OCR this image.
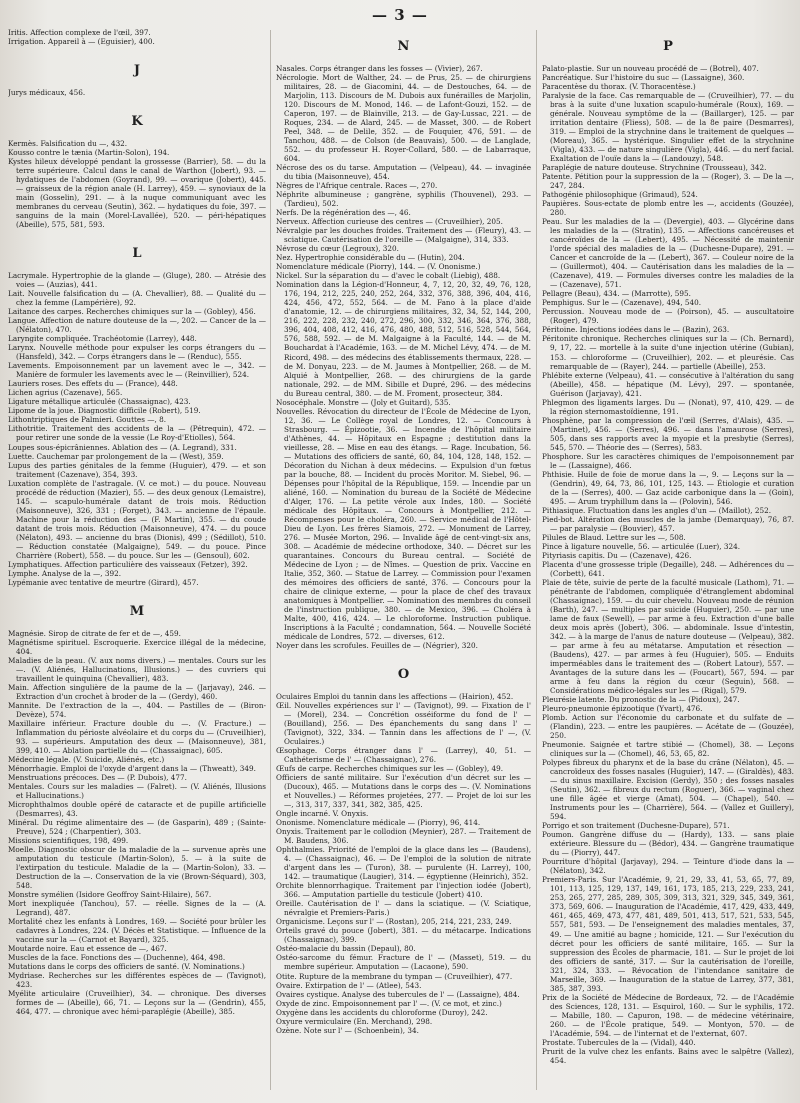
— 3 —

Iritis. Affection complexe de l'œil, 397.

Irrigation. Appareil à — (Eguisier), 400.

J

Jurys médicaux, 456.

K

Kermès. Falsification du —, 432.

Kousso contre le tænia (Martin-Solon), 194.

Kystes hileux développé pendant la grossesse (Barrier), 58. — du la terre supérieure. Calcul dans le canal de Warthon (Jobert), 93. — hydatiques de l'abdomen (Goyrand), 99. — ovarique (Jobert), 445. — graisseux de la région anale (H. Larrey), 459. — synoviaux de la main (Gosselin), 291. — à la nuque communiquant avec les membranes du cerveau (Seutin), 362. — hydatiques du foie, 397. — sanguins de la main (Morel-Lavallée), 520. — péri-hépatiques (Abeille), 575, 581, 593.

L

Lacrymale. Hypertrophie de la glande — (Gluge), 280. — Atrésie des voies — (Auzias), 441.

Lait. Nouvelle falsification du — (A. Chevallier), 88. — Qualité du — chez la femme (Lampérière), 92.

Laitance des carpes. Recherches chimiques sur la — (Gobley), 456.

Langue. Affection de nature douteuse de la —, 202. — Cancer de la — (Nélaton), 470.

Laryngite compliquée. Trachéotomie (Larrey), 448.

Larynx. Nouvelle méthode pour expulser les corps étrangers du — (Hansfeld), 342. — Corps étrangers dans le — (Renduc), 555.

Lavements. Empoisonnement par un lavement avec le —, 342. — Manière de formuler les lavements avec le — (Reinvillier), 524.

Lauriers roses. Des effets du — (France), 448.

Lichen agrius (Cazenave), 565.

Ligature métallique articulée (Chassaignac), 423.

Lipome de la joue. Diagnostic difficile (Robert), 519.

Lithontriptiques de Palmieri. Gouttes —, 8.

Lithotritie. Traitement des accidents de la — (Pétrequin), 472. — pour retirer une sonde de la vessie (Le Roy-d'Etiolles), 564.

Loupes sous-épicrâniennes. Ablation des — (A. Legrand), 331.

Luette. Cauchemar par prolongement de la — (West), 359.

Lupus des parties génitales de la femme (Huguier), 479. — et son traitement (Cazenave), 354, 393.

Luxation complète de l'astragale. (V. ce mot.) — du pouce. Nouveau procédé de réduction (Mazier), 55. — des deux genoux (Lemaistre), 145. — scapulo-humérale datant de trois mois. Réduction (Maisonneuve), 326, 331 ; (Forget), 343. — ancienne de l'épaule. Machine pour la réduction des — (F. Martin), 355. — du coude datant de trois mois. Réduction (Maisonneuve), 474. — du pouce (Nélaton), 493. — ancienne du bras (Dionis), 499 ; (Sédillot), 510. — Réduction constatée (Malgaigne), 549. — du pouce. Pince Charrière (Robert), 558. — du pouce. Sur les — (Gensoul), 602.

Lymphatiques. Affection particulière des vaisseaux (Fetzer), 392.

Lymphe. Analyse de la —, 392.

Lypémanie avec tentative de meurtre (Girard), 457.

M

Magnésie. Sirop de citrate de fer et de —, 459.

Magnétisme spirituel. Escroquerie. Exercice illégal de la médecine, 404.

Maladies de la peau. (V. aux noms divers.) — mentales. Cours sur les —. (V. Aliénés, Hallucinations, Illusions.) — des cuvriers qui travaillent le quinquina (Chevallier), 483.

Main. Affection singulière de la paume de la — (Jarjavay), 246. — Extraction d'un crochet à broder de la — (Gerdy), 460.

Mannite. De l'extraction de la —, 404. — Pastilles de — (Biron-Devèze), 574.

Maxillaire inférieur. Fracture double du —. (V. Fracture.) — Inflammation du périoste alvéolaire et du corps du — (Cruveilhier), 93. — supérieurs. Amputation des deux — (Maisonneuve), 381, 399, 410. — Ablation partielle du — (Chassaignac), 605.

Médecine légale. (V. Suicide, Aliénés, etc.)

Ménorrhagie. Emploi de l'oxyde d'argent dans la — (Thweatt), 349.

Menstruations précoces. Des — (P. Dubois), 477.

Mentales. Cours sur les maladies — (Falret). — (V. Aliénés, Illusions et Hallucinations.)

Microphthalmos double opéré de cataracte et de pupille artificielle (Desmarres), 43.

Minéral. Du régime alimentaire des — (de Gasparin), 489 ; (Sainte-Preuve), 524 ; (Charpentier), 303.

Missions scientifiques, 198, 499.

Moelle. Diagnostic obscur de la maladie de la — survenue après une amputation du testicule (Martin-Solon), 5. — à la suite de l'extirpation du testicule. Maladie de la — (Martin-Solon), 33. — Destruction de la —. Conservation de la vie (Brown-Séquard), 303, 548.

Monstre symélien (Isidore Geoffroy Saint-Hilaire), 567.

Mort inexpliquée (Tanchou), 57. — réelle. Signes de la — (A. Legrand), 487.

Mortalité chez les enfants à Londres, 169. — Société pour brûler les cadavres à Londres, 224. (V. Décès et Statistique. — Influence de la vaccine sur la — (Carnot et Bayard), 325.

Moutarde noire. Eau et essence de —, 467.

Muscles de la face. Fonctions des — (Duchenne), 464, 498.

Mutations dans le corps des officiers de santé. (V. Nominations.)

Mydriase. Recherches sur les différentes espèces de — (Tavignot), 423.

Myélite articulaire (Cruveilhier), 34. — chronique. Des diverses formes de — (Abeille), 66, 71. — Leçons sur la — (Gendrin), 455, 464, 477. — chronique avec hémi-paraplégie (Abeille), 385.

N

Nasales. Corps étranger dans les fosses — (Vivier), 267.

Nécrologie. Mort de Walther, 24. — de Prus, 25. — de chirurgiens militaires, 28. — de Giacomini, 44. — de Destouches, 64. — de Marjolin, 113. Discours de M. Dubois aux funérailles de Marjolin, 120. Discours de M. Monod, 146. — de Lafont-Gouzi, 152. — de Caperon, 197. — de Blainville, 213. — de Gay-Lussac, 221. — de Roques, 234. — de Alard, 245. — de Masset, 300. — de Robert Peel, 348. — de Delile, 352. — de Fouquier, 476, 591. — de Tanchou, 488. — de Colson (de Beauvais), 500. — de Langlade, 552. — du professeur H. Royer-Collard, 580. — de Labarraque, 604.

Nécrose des os du tarse. Amputation — (Velpeau), 44. — invaginée du tibia (Maisonneuve), 454.

Nègres de l'Afrique centrale. Races —, 270.

Néphrite albumineuse ; gangrène, syphilis (Thouvenel), 293. — (Tardieu), 502.

Nerfs. De la régénération des —, 46.

Nerveux. Affection curieuse des centres — (Cruveilhier), 205.

Névralgie par les douches froides. Traitement des — (Fleury), 43. — sciatique. Cautérisation de l'oreille — (Malgaigne), 314, 333.

Névrose du cœur (Legroux), 320.

Nez. Hypertrophie considérable du — (Hutin), 204.

Nomenclature médicale (Piorry), 144. — (V. Ononisme.)

Nickel. Sur la séparation du — d'avec le cobalt (Liebig), 488.

Nomination dans la Légion-d'Honneur, 4, 7, 12, 20, 32, 49, 76, 128, 176, 194, 212, 225, 240, 252, 264, 332, 376, 388, 396, 404, 416, 424, 456, 472, 552, 564. — de M. Fano à la place d'aide d'anatomie, 12. — de chirurgiens militaires, 32, 34, 52, 144, 200, 216, 222, 228, 232, 240, 272, 296, 300, 332, 346, 364, 376, 388, 396, 404, 408, 412, 416, 476, 480, 488, 512, 516, 528, 544, 564, 576, 588, 592. — de M. Malgaigne à la Faculté, 144. — de M. Bouchardat à l'Académie, 163. — de M. Michel Lévy, 474. — de M. Ricord, 498. — des médecins des établissements thermaux, 228. — de M. Donyau, 223. — de M. Jaumes à Montpellier, 268. — de M. Alquié à Montpellier, 268. — des chirurgiens de la garde nationale, 292. — de MM. Sibille et Dupré, 296. — des médecins du Bureau central, 380. — de M. Froment, prosecteur, 384.

Nosocéphale. Monstre — (Joly et Guitard), 535.

Nouvelles. Révocation du directeur de l'École de Médecine de Lyon, 12, 36. — Le Collège royal de Londres, 12. — Concours à Strasbourg. — Épizootie, 36. — Incendie de l'hôpital militaire d'Athènes, 44. — Hôpitaux en Espagne ; destitution dans la vieillesse, 28. — Mise en eau des étangs. — Rage. Incubation, 56. — Mutations des officiers de santé, 60, 84, 104, 128, 148, 152. — Décoration du Nichan à deux médecins. — Expulsion d'un fœtus par la bouche, 88. — Incident du procès Moritor. M. Siebel, 96. — Dépenses pour l'hôpital de la République, 159. — Incendie par un aliéné, 160. — Nomination du bureau de la Société de Médecine d'Alger, 176. — La petite vérole aux Indes, 180. — Société médicale des Hôpitaux. — Concours à Montpellier, 212. — Récompenses pour le choléra, 260. — Service médical de l'Hôtel-Dieu de Lyon. Les frères Siamois, 272. — Monument de Larrey, 276. — Musée Morton, 296. — Invalide âgé de cent-vingt-six ans, 308. — Académie de médecine orthodoxe, 340. — Décret sur les quarantaines. Concours du Bureau central. — Société de Médecine de Lyon ; — de Nîmes. — Question de prix. Vaccine en Italie, 352, 360. — Statue de Larrey. — Commission pour l'examen des mémoires des officiers de santé, 376. — Concours pour la chaire de clinique externe, — pour la place de chef des travaux anatomiques à Montpellier. — Nomination des membres du conseil de l'instruction publique, 380. — de Mexico, 396. — Choléra à Malte, 400, 416, 424. — Le chloroforme. Instruction publique. Inscriptions à la Faculté ; condamnation, 564. — Nouvelle Société médicale de Londres, 572. — diverses, 612.

Noyer dans les scrofules. Feuilles de — (Négrier), 320.

O

Oculaires Emploi du tannin dans les affections — (Hairion), 452.

Œil. Nouvelles expériences sur l' — (Tavignot), 99. — Fixation de l' — (Morel), 234. — Concrétion osséiforme du fond de l' — (Bouilland), 256. — Des épanchements du sang dans l' — (Tavignot), 322, 334. — Tannin dans les affections de l' —, (V. Oculaires.)

Œsophage. Corps étranger dans l' — (Larrey), 40, 51. — Cathéterisme de l' — (Chassaignac), 276.

Œufs de carpe. Recherches chimiques sur les — (Gobley), 49.

Officiers de santé militaire. Sur l'exécution d'un décret sur les — (Ducoux), 465. — Mutations dans le corps des —. (V. Nominations et Nouvelles.) — Réformes projetées, 277. — Projet de loi sur les —, 313, 317, 337, 341, 382, 385, 425.

Ongle incarné. V. Onyxis.

Ononisme. Nomenclature médicale — (Piorry), 96, 414.

Onyxis. Traitement par le collodion (Meynier), 287. — Traitement de M. Baudens, 306.

Ophthalmies. Priorité de l'emploi de la glace dans les — (Baudens), 4. — (Chassaignac), 46. — De l'emploi de la solution de nitrate d'argent dans les — (Turon), 38. — purulente (H. Larrey), 100, 142. — traumatique (Laugier), 314. — égyptienne (Heinrich), 352.

Orchite blennorrhagique. Traitement par l'injection iodée (Jobert), 366. — Amputation partielle du testicule (Jobert) 410.

Oreille. Cautérisation de l' — dans la sciatique. — (V. Sciatique, névralgie et Premiers-Paris.)

Organicisme. Leçons sur l' — (Rostan), 205, 214, 221, 233, 249.

Orteils gravé du pouce (Jobert), 381. — du métacarpe. Indications (Chassaignac), 399.

Ostéo-malacie du bassin (Depaul), 80.

Ostéo-sarcome du fémur. Fracture de l' — (Masset), 519. — du membre supérieur. Amputation — (Lacaone), 590.

Otite. Rupture de la membrane du tympan — (Cruveilhier), 477.

Ovaire. Extirpation de l' — (Atlee), 543.

Ovaires cystique. Analyse des tubercules de l' — (Lassaigne), 484.

Oxyde de zinc. Empoisonnement par l' —. (V. ce mot, et zinc.)

Oxygène dans les accidents du chloroforme (Duroy), 242.

Oxyure vermiculaire (En. Merchand), 298.

Ozène. Note sur l' — (Schoenbein), 34.

P

Palato-plastie. Sur un nouveau procédé de — (Botrel), 407.

Pancréatique. Sur l'histoire du suc — (Lassaigne), 360.

Paracentèse du thorax. (V. Thoracentèse.)

Paralysie de la face. Cas remarquable de — (Cruveilhier), 77. — du bras à la suite d'une luxation scapulo-humérale (Roux), 169. — générale. Nouveau symptôme de la — (Baillarger), 125. — par irritation dentaire (Fliess), 508. — de la 8e paire (Desmarres), 319. — Emploi de la strychnine dans le traitement de quelques — (Moreau), 365. — hystérique. Singulier effet de la strychnine (Vigla), 433. — de nature singulière (Vigla), 446. — du nerf facial. Exaltation de l'ouïe dans la — (Landouzy), 548.

Paraplégie de nature douteuse. Strychnine (Trousseau), 342.

Patente. Pétition pour la suppression de la — (Roger), 3. — De la —, 247, 284.

Pathogénie philosophique (Grimaud), 524.

Paupières. Sous-ectate de plomb entre les —, accidents (Gouzée), 280.

Peau. Sur les maladies de la — (Devergie), 403. — Glycérine dans les maladies de la — (Stratin), 135. — Affections cancéreuses et cancéroïdes de la — (Lebert), 495. — Nécessité de maintenir l'orde spécial des maladies de la — (Duchesne-Dupare), 291. — Cancer et cancroïde de la — (Lebert), 367. — Couleur noire de la — (Guillermot), 404. — Cautérisation dans les maladies de la — (Cazenave), 419. — Formules diverses contre les maladies de la — (Cazenave), 571.

Pellagre (Beau), 434. — (Marrotte), 595.

Pemphigus. Sur le — (Cazenave), 494, 540.

Percussion. Nouveau mode de — (Poirson), 45. — auscultatoire (Roger), 479.

Péritoine. Injections iodées dans le — (Bazin), 263.

Péritonite chronique. Recherches cliniques sur la — (Ch. Bernard), 9, 17, 22. — mortelle à la suite d'une injection utérine (Gubian), 153. — chloroforme — (Cruveilhier), 202. — et pleurésie. Cas remarquable de — (Rayer), 244. — partielle (Abeille), 253.

Phlébite externe (Velpeau), 41. — consécutive à l'altération du sang (Abeille), 458. — hépatique (M. Lévy), 297. — spontanée, Guérison (Jarjavay), 421.

Phlegmon des ligaments larges. Du — (Nonat), 97, 410, 429. — de la région sternomastoïdienne, 191.

Phosphène, par la compression de l'œil (Serres, d'Alais), 435. — (Martinet), 456. — (Serres), 496. — dans l'amaurose (Serres), 505, dans ses rapports avec la myopie et la presbytie (Serres), 545, 570. — Théorie des — (Serres), 583.

Phosphore. Sur les caractères chimiques de l'empoisonnement par le — (Lassaigne), 466.

Phthisie. Huile de foie de morue dans la —, 9. — Leçons sur la — (Gendrin), 49, 64, 73, 86, 101, 125, 143. — Étiologie et curation de la — (Serres), 400. — Gaz acide carbonique dans la — (Goin), 495. — Arum tryphillum dans la — (Polovin), 546.

Pithiasique. Fluctuation dans les angles d'un — (Maillot), 252.

Pied-bot. Altération des muscles de la jambe (Demarquay), 76, 87. — par paralysie — (Bouvier), 457.

Pilules de Blaud. Lettre sur les —, 508.

Pince à ligature nouvelle, 56. — articulée (Luer), 324.

Pityriasis capitis. Du — (Cazenave), 426.

Placenta d'une grossesse triple (Degaille), 248. — Adhérences du — (Corbett), 641.

Plaie de tête, suivie de perte de la faculté musicale (Lathom), 71. — pénétrante de l'abdomen, compliquée d'étranglement abdominal (Chassaignac), 159. — du cuir chevelu. Nouveau mode de réunion (Barth), 247. — multiples par suicide (Huguier), 250. — par une lame de faux (Sewell), — par arme à feu. Extraction d'une balle deux mois après (Jobert), 306. — abdominale. Issue d'intestin, 342. — à la marge de l'anus de nature douteuse — (Velpeau), 382. — par arme à feu au métatarse. Amputation et résection — (Baudens), 427. — par armes à feu (Huguier), 505. — Enduits imperméables dans le traitement des — (Robert Latour), 557. — Avantages de la suture dans les — (Foucart), 567, 594. — par arme à feu dans la région du cœur (Seguin), 568. — Considérations médico-légales sur les — (Rigal), 579.

Pleurésie latente. Du pronostic de la — (Pidoux), 247.

Pleuro-pneumonie épizootique (Yvart), 476.

Plomb. Action sur l'économie du carbonate et du sulfate de — (Flandin), 223. — entre les paupières. — Acétate de — (Gouzée), 250.

Pneumonie. Saignée et tartre stibié — (Chomel), 38. — Leçons cliniques sur la — (Chomel), 46, 53, 65, 82.

Polypes fibreux du pharynx et de la base du crâne (Nélaton), 45. — cancroïdeux des fosses nasales (Huguier), 147. — (Giraldès), 483. — du sinus maxillaire. Excision (Gerdy), 350 ; des fosses nasales (Seutin), 362. — fibreux du rectum (Roguer), 366. — vaginal chez une fille âgée et vierge (Amat), 504. — (Chapel), 540. — Instruments pour les — (Charrière), 564. — (Vallez et Guillery), 594.

Porrigo et son traitement (Duchesne-Dupare), 571.

Poumon. Gangrène diffuse du — (Hardy), 133. — sans plaie extérieure. Blessure du — (Bédor), 434. — Gangrène traumatique du — (Piorry), 447.

Pourriture d'hôpital (Jarjavay), 294. — Teinture d'iode dans la — (Nélaton), 342.

Premiers-Paris. Sur l'Académie, 9, 21, 29, 33, 41, 53, 65, 77, 89, 101, 113, 125, 129, 137, 149, 161, 173, 185, 213, 229, 233, 241, 253, 265, 277, 285, 289, 305, 309, 313, 321, 329, 345, 349, 361, 373, 569, 606. — Inauguration de l'Académie, 417, 429, 433, 449, 461, 465, 469, 473, 477, 481, 489, 501, 413, 517, 521, 533, 545, 557, 581, 593. — De l'enseignement des maladies mentales, 37, 49. — Une amitié au bagne ; homicide, 121. — Sur l'exécution du décret pour les officiers de santé militaire, 165. — Sur la suppression des Écoles de pharmacie, 181. — Sur le projet de loi des officiers de santé, 317. — Sur la cautérisation de l'oreille, 321, 324, 333. — Révocation de l'intendance sanitaire de Marseille, 369. — Inauguration de la statue de Larrey, 377, 381, 385, 387, 393.

Prix de la Société de Médecine de Bordeaux, 72. — de l'Académie des Sciences, 128, 131. — Esquirol, 160. — Sur le syphilis, 172. — Mabille, 180. — Capuron, 198. — de médecine vétérinaire, 260. — de l'École pratique, 549. — Montyon, 570. — de l'Académie, 594. — de l'internat et de l'externat, 607.

Prostate. Tubercules de la — (Vidal), 440.

Prurit de la vulve chez les enfants. Bains avec le salpêtre (Vallez), 454.
